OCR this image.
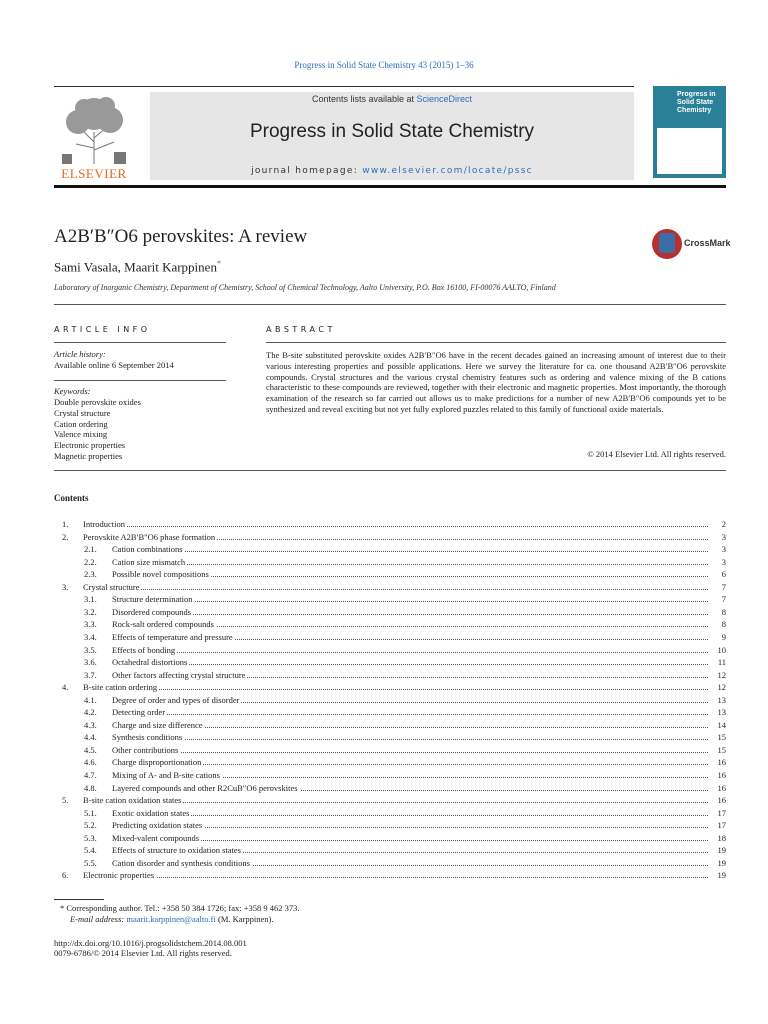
Progress in Solid State Chemistry 43 (2015) 1–36
ELSEVIER
Contents lists available at ScienceDirect
Progress in Solid State Chemistry
journal homepage: www.elsevier.com/locate/pssc
Progress in Solid State Chemistry
A2B′B″O6 perovskites: A review	CrossMark
Sami Vasala, Maarit Karppinen*
Laboratory of Inorganic Chemistry, Department of Chemistry, School of Chemical Technology, Aalto University, P.O. Box 16100, FI-00076 AALTO, Finland
ARTICLE INFO
Article history:
Available online 6 September 2014
Keywords:
Double perovskite oxides
Crystal structure
Cation ordering
Valence mixing
Electronic properties
Magnetic properties
ABSTRACT
The B-site substituted perovskite oxides A2B′B″O6 have in the recent decades gained an increasing amount of interest due to their various interesting properties and possible applications. Here we survey the literature for ca. one thousand A2B′B″O6 perovskite compounds. Crystal structures and the various crystal chemistry features such as ordering and valence mixing of the B cations characteristic to these compounds are reviewed, together with their electronic and magnetic properties. Most importantly, the thorough examination of the research so far carried out allows us to make predictions for a number of new A2B′B″O6 compounds yet to be synthesized and reveal exciting but not yet fully explored puzzles related to this family of functional oxide materials.
© 2014 Elsevier Ltd. All rights reserved.
Contents
1. Introduction	2
2. Perovskite A2B′B″O6 phase formation	3
2.1. Cation combinations	3
2.2. Cation size mismatch	3
2.3. Possible novel compositions	6
3. Crystal structure	7
3.1. Structure determination	7
3.2. Disordered compounds	8
3.3. Rock-salt ordered compounds	8
3.4. Effects of temperature and pressure	9
3.5. Effects of bonding	10
3.6. Octahedral distortions	11
3.7. Other factors affecting crystal structure	12
4. B-site cation ordering	12
4.1. Degree of order and types of disorder	13
4.2. Detecting order	13
4.3. Charge and size difference	14
4.4. Synthesis conditions	15
4.5. Other contributions	15
4.6. Charge disproportionation	16
4.7. Mixing of A- and B-site cations	16
4.8. Layered compounds and other R2CuB″O6 perovskites	16
5. B-site cation oxidation states	16
5.1. Exotic oxidation states	17
5.2. Predicting oxidation states	17
5.3. Mixed-valent compounds	18
5.4. Effects of structure to oxidation states	19
5.5. Cation disorder and synthesis conditions	19
6. Electronic properties	19
* Corresponding author. Tel.: +358 50 384 1726; fax: +358 9 462 373.
E-mail address: maarit.karppinen@aalto.fi (M. Karppinen).
http://dx.doi.org/10.1016/j.progsolidstchem.2014.08.001
0079-6786/© 2014 Elsevier Ltd. All rights reserved.
